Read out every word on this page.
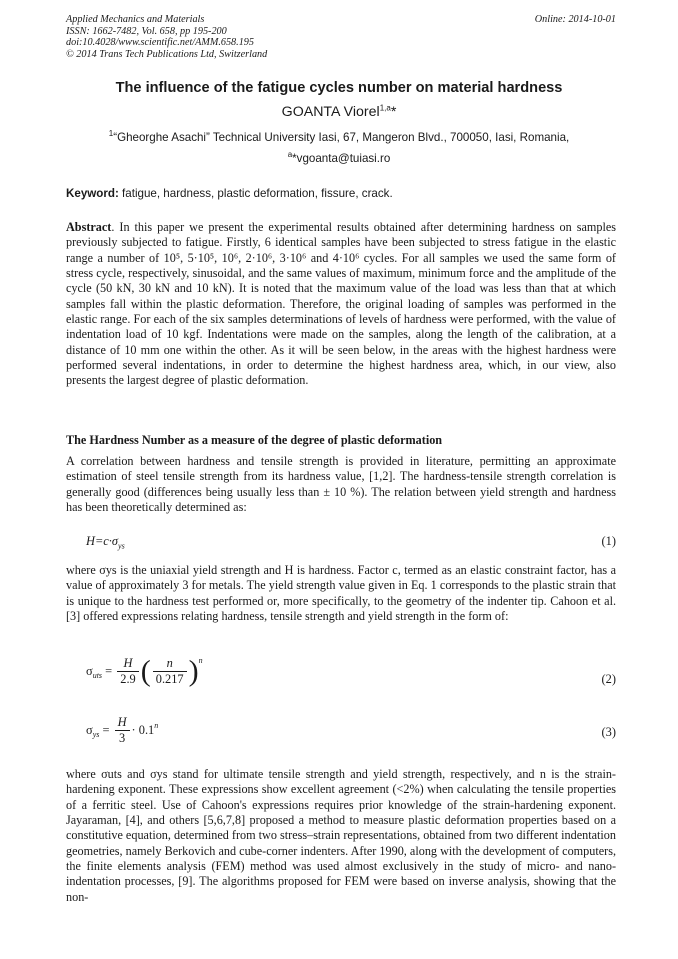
Applied Mechanics and Materials
ISSN: 1662-7482, Vol. 658, pp 195-200
doi:10.4028/www.scientific.net/AMM.658.195
© 2014 Trans Tech Publications Ltd, Switzerland
Online: 2014-10-01
The influence of the fatigue cycles number on material hardness
GOANTA Viorel$^{1,a}$*
$^1$“Gheorghe Asachi” Technical University Iasi, 67, Mangeron Blvd., 700050, Iasi, Romania,
$^a$*vgoanta@tuiasi.ro
Keyword: fatigue, hardness, plastic deformation, fissure, crack.

Abstract. In this paper we present the experimental results obtained after determining hardness on samples previously subjected to fatigue. Firstly, 6 identical samples have been subjected to stress fatigue in the elastic range a number of 10⁵, 5·10⁵, 10⁶, 2·10⁶, 3·10⁶ and 4·10⁶ cycles. For all samples we used the same form of stress cycle, respectively, sinusoidal, and the same values of maximum, minimum force and the amplitude of the cycle (50 kN, 30 kN and 10 kN). It is noted that the maximum value of the load was less than that at which samples fall within the plastic deformation. Therefore, the original loading of samples was performed in the elastic range. For each of the six samples determinations of levels of hardness were performed, with the value of indentation load of 10 kgf. Indentations were made on the samples, along the length of the calibration, at a distance of 10 mm one within the other. As it will be seen below, in the areas with the highest hardness were performed several indentations, in order to determine the highest hardness area, which, in our view, also presents the largest degree of plastic deformation.

The Hardness Number as a measure of the degree of plastic deformation

A correlation between hardness and tensile strength is provided in literature, permitting an approximate estimation of steel tensile strength from its hardness value, [1,2]. The hardness-tensile strength correlation is generally good (differences being usually less than ± 10 %). The relation between yield strength and hardness has been theoretically determined as:

$H=c\cdot\sigma_{ys}$	(1)

where σys is the uniaxial yield strength and H is hardness. Factor c, termed as an elastic constraint factor, has a value of approximately 3 for metals. The yield strength value given in Eq. 1 corresponds to the plastic strain that is unique to the hardness test performed or, more specifically, to the geometry of the indenter tip. Cahoon et al. [3] offered expressions relating hardness, tensile strength and yield strength in the form of:

$\sigma_{uts} = \frac{H}{2.9}$ ( $\frac{n}{0.217} )^n$
(2)
$\sigma_{ys} = \frac{H}{3} \cdot 0.1^n$	(3)

where σuts and σys stand for ultimate tensile strength and yield strength, respectively, and n is the strain-hardening exponent. These expressions show excellent agreement (<2%) when calculating the tensile properties of a ferritic steel. Use of Cahoon's expressions requires prior knowledge of the strain-hardening exponent. Jayaraman, [4], and others [5,6,7,8] proposed a method to measure plastic deformation properties based on a constitutive equation, determined from two stress–strain representations, obtained from two different indentation geometries, namely Berkovich and cube-corner indenters. After 1990, along with the development of computers, the finite elements analysis (FEM) method was used almost exclusively in the study of micro- and nano-indentation processes, [9]. The algorithms proposed for FEM were based on inverse analysis, showing that the non-
